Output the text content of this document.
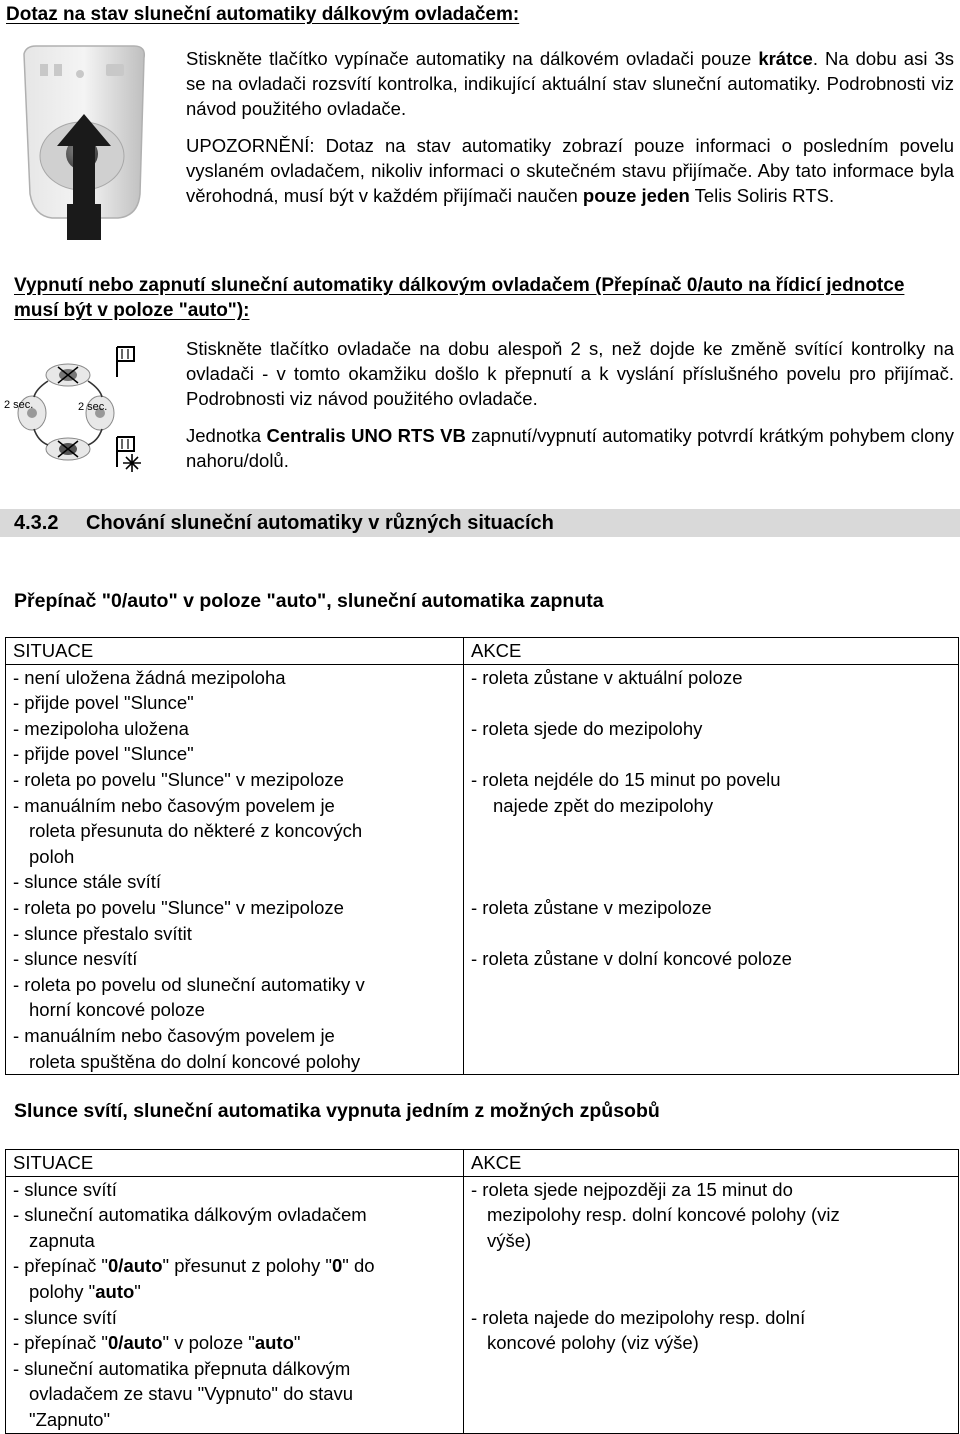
Dotaz na stav sluneční automatiky dálkovým ovladačem:
Stiskněte tlačítko vypínače automatiky na dálkovém ovladači pouze krátce. Na dobu asi 3s se na ovladači rozsvítí kontrolka, indikující aktuální stav sluneční automatiky. Podrobnosti viz návod použitého ovladače.
UPOZORNĚNÍ: Dotaz na stav automatiky zobrazí pouze informaci o posledním povelu vyslaném ovladačem, nikoliv informaci o skutečném stavu přijímače. Aby tato informace byla věrohodná, musí být v každém přijímači naučen pouze jeden Telis Soliris RTS.
Vypnutí nebo zapnutí sluneční automatiky dálkovým ovladačem (Přepínač 0/auto na řídicí jednotce musí být v poloze "auto"):
2 sec.	2 sec.
Stiskněte tlačítko ovladače na dobu alespoň 2 s, než dojde ke změně svítící kontrolky na ovladači - v tomto okamžiku došlo k přepnutí a k vyslání příslušného povelu pro přijímač. Podrobnosti viz návod použitého ovladače.
Jednotka Centralis UNO RTS VB zapnutí/vypnutí automatiky potvrdí krátkým pohybem clony nahoru/dolů.
4.3.2 Chování sluneční automatiky v různých situacích
Přepínač "0/auto" v poloze "auto", sluneční automatika zapnuta
SITUACE	AKCE

- není uložena žádná mezipoloha
- přijde povel "Slunce"	- roleta zůstane v aktuální poloze

- mezipoloha uložena
- přijde povel "Slunce"	- roleta sjede do mezipolohy

- roleta po povelu "Slunce" v mezipoloze
- manuálním nebo časovým povelem je
roleta přesunuta do některé z koncových
poloh
- slunce stále svítí	- roleta nejdéle do 15 minut po povelu
najede zpět do mezipolohy

- roleta po povelu "Slunce" v mezipoloze
- slunce přestalo svítit	- roleta zůstane v mezipoloze

- slunce nesvítí
- roleta po povelu od sluneční automatiky v
horní koncové poloze
- manuálním nebo časovým povelem je
roleta spuštěna do dolní koncové polohy	- roleta zůstane v dolní koncové poloze
Slunce svítí, sluneční automatika vypnuta jedním z možných způsobů
SITUACE	AKCE

- slunce svítí
- sluneční automatika dálkovým ovladačem
zapnuta
- přepínač "0/auto" přesunut z polohy "0" do
polohy "auto"	- roleta sjede nejpozději za 15 minut do
mezipolohy resp. dolní koncové polohy (viz
výše)

- slunce svítí
- přepínač "0/auto" v poloze "auto"
- sluneční automatika přepnuta dálkovým
ovladačem ze stavu "Vypnuto" do stavu
"Zapnuto"	- roleta najede do mezipolohy resp. dolní
koncové polohy (viz výše)
